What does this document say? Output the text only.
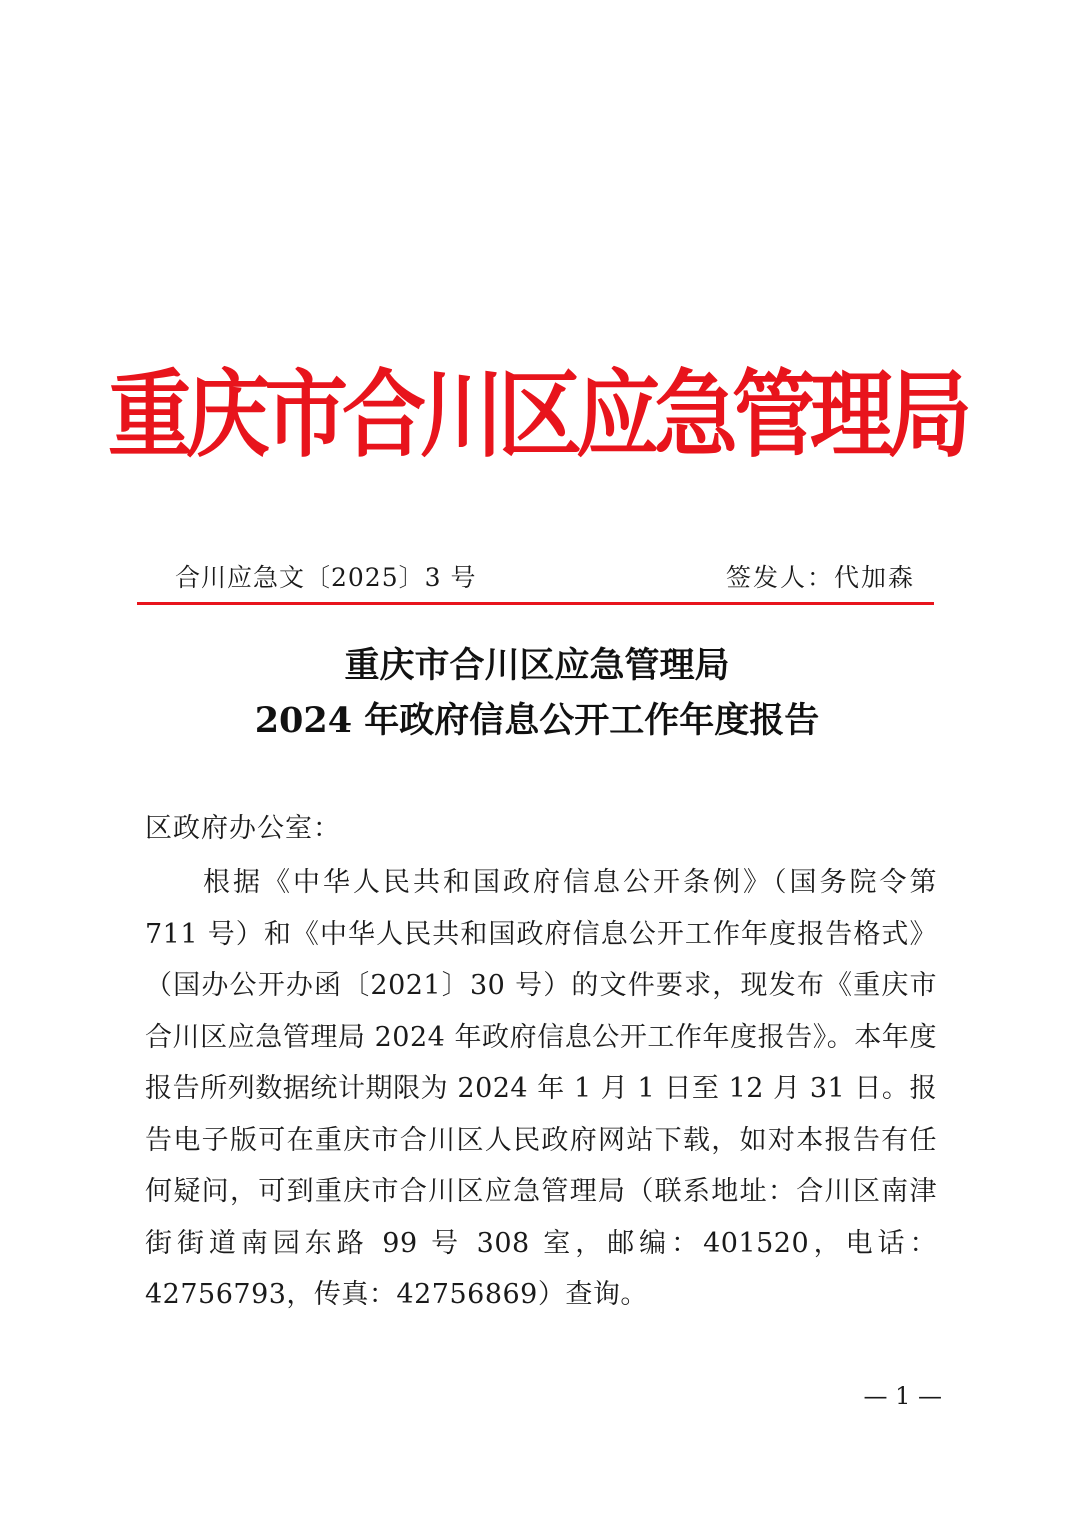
重庆市合川区应急管理局
合川应急文〔2025〕3 号	签发人：代加森
重庆市合川区应急管理局
2024 年政府信息公开工作年度报告
区政府办公室：
根据《中华人民共和国政府信息公开条例》（国务院令第 711 号）和《中华人民共和国政府信息公开工作年度报告格式》（国办公开办函〔2021〕30 号）的文件要求，现发布《重庆市合川区应急管理局 2024 年政府信息公开工作年度报告》。本年度报告所列数据统计期限为 2024 年 1 月 1 日至 12 月 31 日。报告电子版可在重庆市合川区人民政府网站下载，如对本报告有任何疑问，可到重庆市合川区应急管理局（联系地址：合川区南津街街道南园东路 99 号 308 室，邮编：401520，电话：42756793，传真：42756869）查询。
— 1 —
